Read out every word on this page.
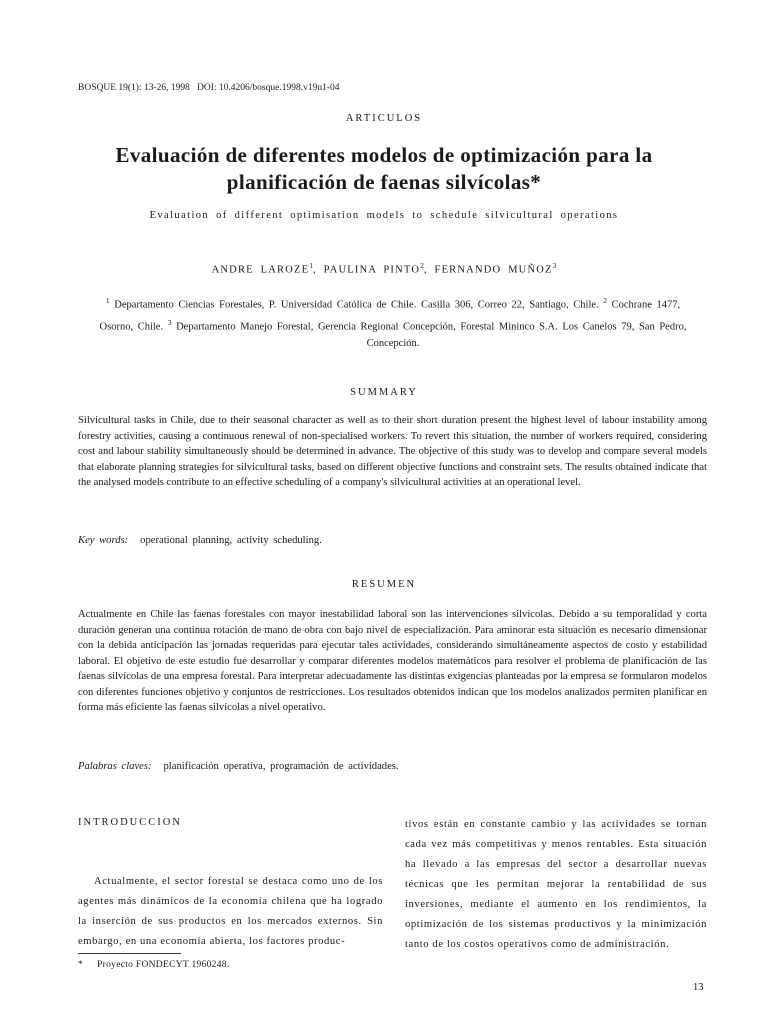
BOSQUE 19(1): 13-26, 1998 DOI: 10.4206/bosque.1998.v19n1-04
ARTICULOS
Evaluación de diferentes modelos de optimización para la
planificación de faenas silvícolas*
Evaluation of different optimisation models to schedule silvicultural operations
ANDRE LAROZE$^1$, PAULINA PINTO$^2$, FERNANDO MUÑOZ$^3$
$^1$ Departamento Ciencias Forestales, P. Universidad Católica de Chile. Casilla 306, Correo 22, Santiago, Chile. $^2$ Cochrane 1477, Osorno, Chile. $^3$ Departamento Manejo Forestal, Gerencia Regional Concepción, Forestal Mininco S.A. Los Canelos 79, San Pedro, Concepción.
SUMMARY
Silvicultural tasks in Chile, due to their seasonal character as well as to their short duration present the highest level of labour instability among forestry activities, causing a continuous renewal of non-specialised workers. To revert this situation, the number of workers required, considering cost and labour stability simultaneously should be determined in advance. The objective of this study was to develop and compare several models that elaborate planning strategies for silvicultural tasks, based on different objective functions and constraint sets. The results obtained indicate that the analysed models contribute to an effective scheduling of a company's silvicultural activities at an operational level.
Key words: operational planning, activity scheduling.
RESUMEN
Actualmente en Chile las faenas forestales con mayor inestabilidad laboral son las intervenciones silvícolas. Debido a su temporalidad y corta duración generan una continua rotación de mano de obra con bajo nivel de especialización. Para aminorar esta situación es necesario dimensionar con la debida anticipación las jornadas requeridas para ejecutar tales actividades, considerando simultáneamente aspectos de costo y estabilidad laboral. El objetivo de este estudio fue desarrollar y comparar diferentes modelos matemáticos para resolver el problema de planificación de las faenas silvícolas de una empresa forestal. Para interpretar adecuadamente las distintas exigencias planteadas por la empresa se formularon modelos con diferentes funciones objetivo y conjuntos de restricciones. Los resultados obtenidos indican que los modelos analizados permiten planificar en forma más eficiente las faenas silvícolas a nivel operativo.
Palabras claves: planificación operativa, programación de actividades.
INTRODUCCION
Actualmente, el sector forestal se destaca como uno de los agentes más dinámicos de la economía chilena que ha logrado la inserción de sus productos en los mercados externos. Sin embargo, en una economía abierta, los factores produc-
tivos están en constante cambio y las actividades se tornan cada vez más competitivas y menos rentables. Esta situación ha llevado a las empresas del sector a desarrollar nuevas técnicas que les permitan mejorar la rentabilidad de sus inversiones, mediante el aumento en los rendimientos, la optimización de los sistemas productivos y la minimización tanto de los costos operativos como de administración.
* Proyecto FONDECYT 1960248.
13
